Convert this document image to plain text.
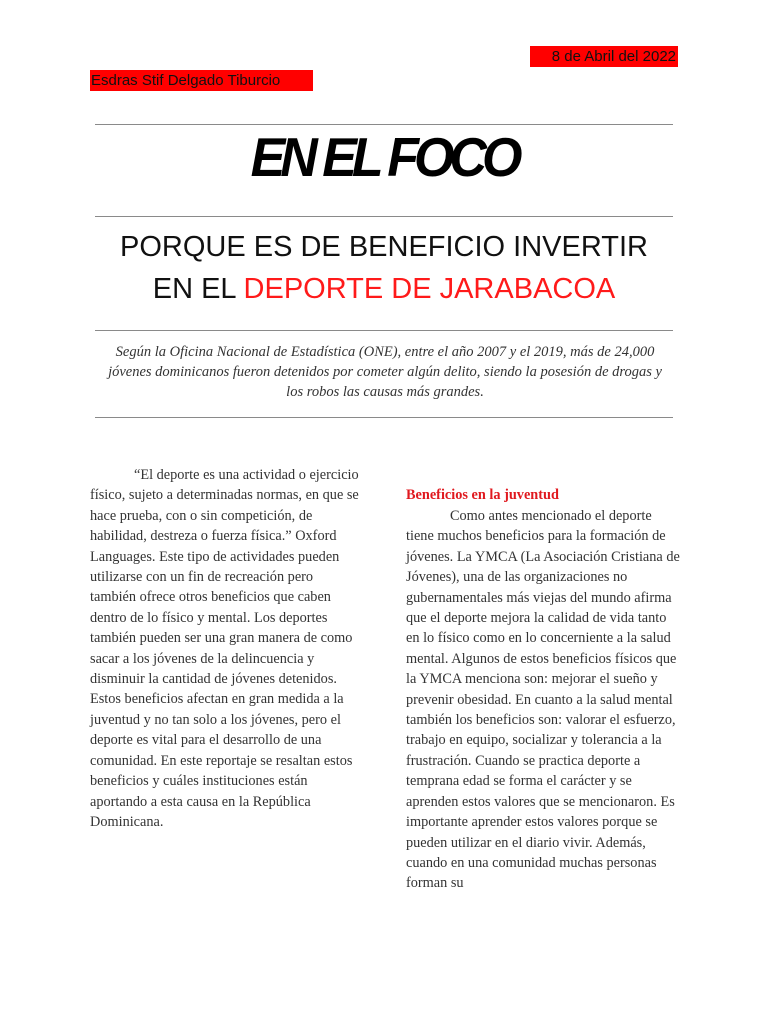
8 de Abril del 2022
Esdras Stif Delgado Tiburcio
EN EL FOCO
PORQUE ES DE BENEFICIO INVERTIR
EN EL DEPORTE DE JARABACOA
Según la Oficina Nacional de Estadística (ONE), entre el año 2007 y el 2019, más de 24,000 jóvenes dominicanos fueron detenidos por cometer algún delito, siendo la posesión de drogas y los robos las causas más grandes.

“El deporte es una actividad o ejercicio físico, sujeto a determinadas normas, en que se hace prueba, con o sin competición, de habilidad, destreza o fuerza física.” Oxford Languages. Este tipo de actividades pueden utilizarse con un fin de recreación pero también ofrece otros beneficios que caben dentro de lo físico y mental. Los deportes también pueden ser una gran manera de como sacar a los jóvenes de la delincuencia y disminuir la cantidad de jóvenes detenidos. Estos beneficios afectan en gran medida a la juventud y no tan solo a los jóvenes, pero el deporte es vital para el desarrollo de una comunidad. En este reportaje se resaltan estos beneficios y cuáles instituciones están aportando a esta causa en la República Dominicana.

Beneficios en la juventud

Como antes mencionado el deporte tiene muchos beneficios para la formación de jóvenes. La YMCA (La Asociación Cristiana de Jóvenes), una de las organizaciones no gubernamentales más viejas del mundo afirma que el deporte mejora la calidad de vida tanto en lo físico como en lo concerniente a la salud mental. Algunos de estos beneficios físicos que la YMCA menciona son: mejorar el sueño y prevenir obesidad. En cuanto a la salud mental también los beneficios son: valorar el esfuerzo, trabajo en equipo, socializar y tolerancia a la frustración. Cuando se practica deporte a temprana edad se forma el carácter y se aprenden estos valores que se mencionaron. Es importante aprender estos valores porque se pueden utilizar en el diario vivir. Además, cuando en una comunidad muchas personas forman su
